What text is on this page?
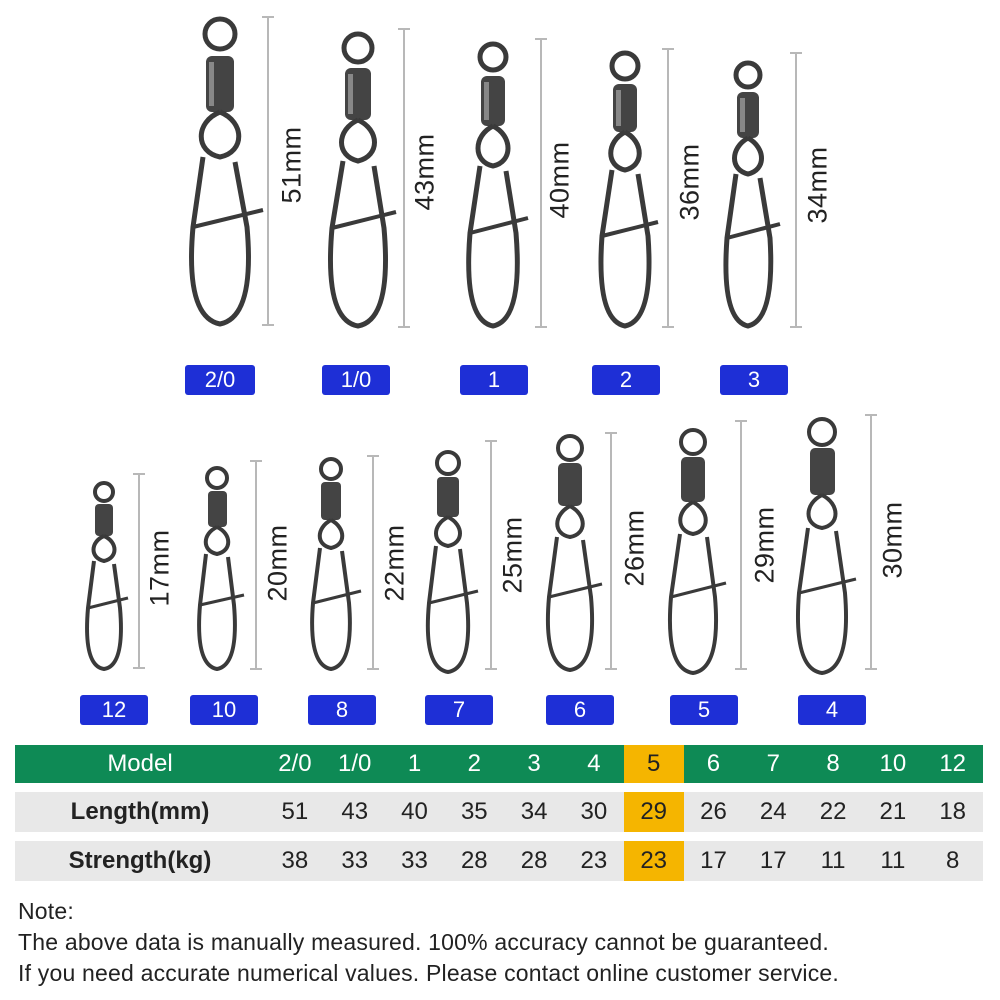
51mm
2/0
43mm
1/0
40mm
1
36mm
2
34mm
3
17mm
12
20mm
10
22mm
8
25mm
7
26mm
6
29mm
5
30mm
4
Model	2/0	1/0	1	2	3	4	5	6	7	8	10	12
Length(mm)	51	43	40	35	34	30	29	26	24	22	21	18
Strength(kg)	38	33	33	28	28	23	23	17	17	11	11	8
Note:
The above data is manually measured. 100% accuracy cannot be guaranteed.
If you need accurate numerical values. Please contact online customer service.
